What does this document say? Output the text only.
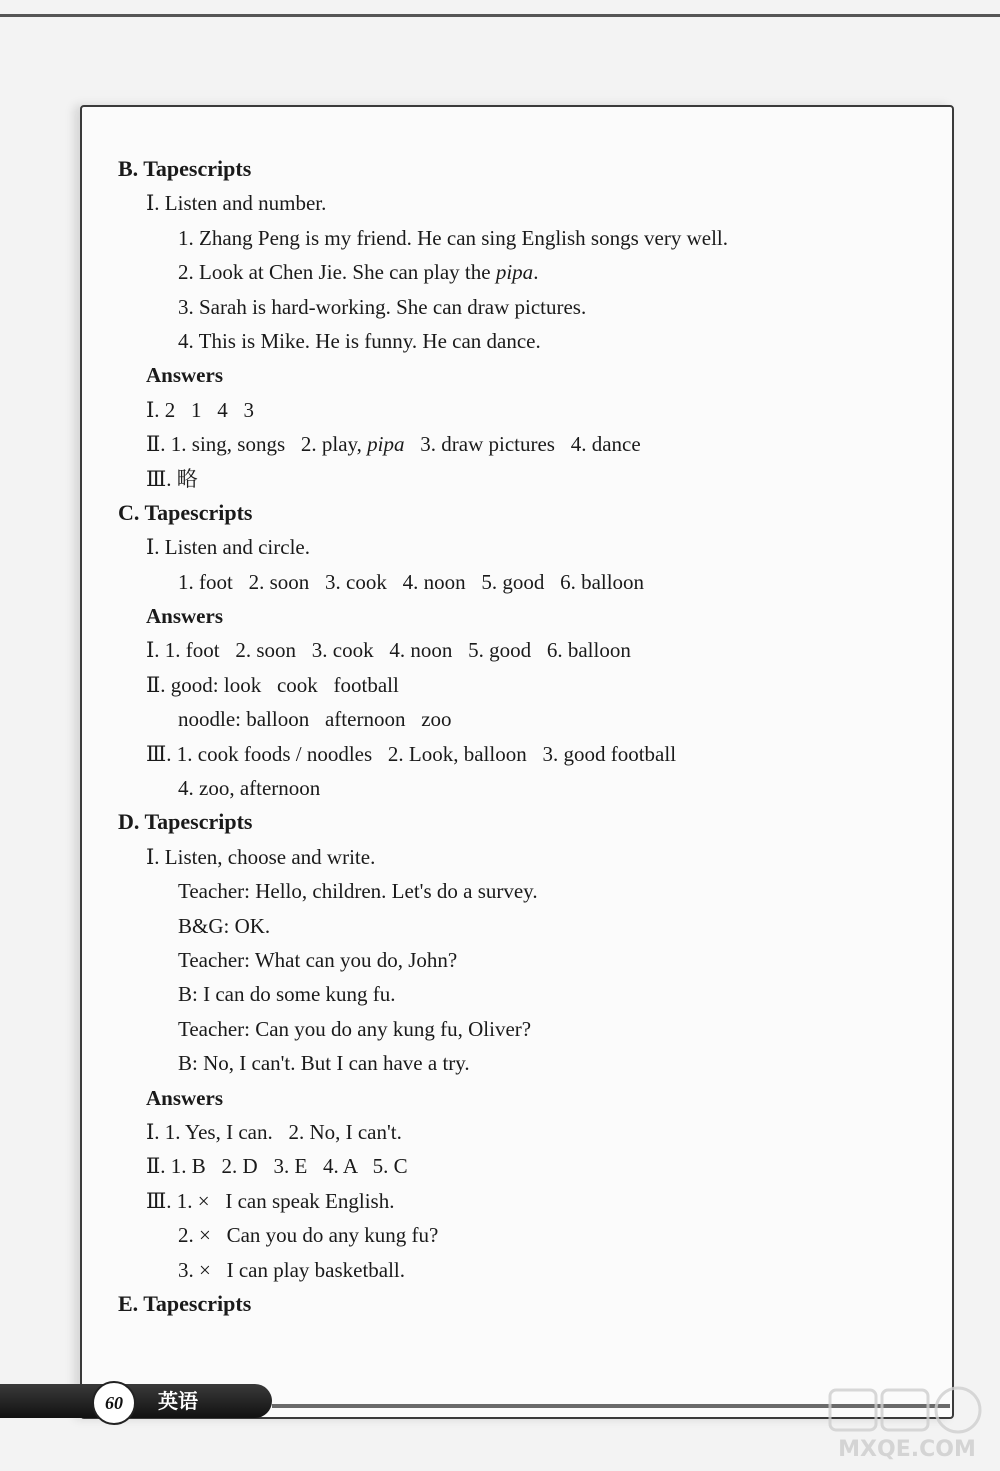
B. Tapescripts
Ⅰ. Listen and number.
1. Zhang Peng is my friend. He can sing English songs very well.
2. Look at Chen Jie. She can play the pipa.
3. Sarah is hard-working. She can draw pictures.
4. This is Mike. He is funny. He can dance.
Answers
Ⅰ. 2   1   4   3
Ⅱ. 1. sing, songs   2. play, pipa   3. draw pictures   4. dance
Ⅲ. 略
C. Tapescripts
Ⅰ. Listen and circle.
1. foot   2. soon   3. cook   4. noon   5. good   6. balloon
Answers
Ⅰ. 1. foot   2. soon   3. cook   4. noon   5. good   6. balloon
Ⅱ. good: look   cook   football
noodle: balloon   afternoon   zoo
Ⅲ. 1. cook foods / noodles   2. Look, balloon   3. good football
4. zoo, afternoon
D. Tapescripts
Ⅰ. Listen, choose and write.
Teacher: Hello, children. Let's do a survey.
B&G: OK.
Teacher: What can you do, John?
B: I can do some kung fu.
Teacher: Can you do any kung fu, Oliver?
B: No, I can't. But I can have a try.
Answers
Ⅰ. 1. Yes, I can.   2. No, I can't.
Ⅱ. 1. B   2. D   3. E   4. A   5. C
Ⅲ. 1. ×   I can speak English.
2. ×   Can you do any kung fu?
3. ×   I can play basketball.
E. Tapescripts
60	英语
MXQE.COM
